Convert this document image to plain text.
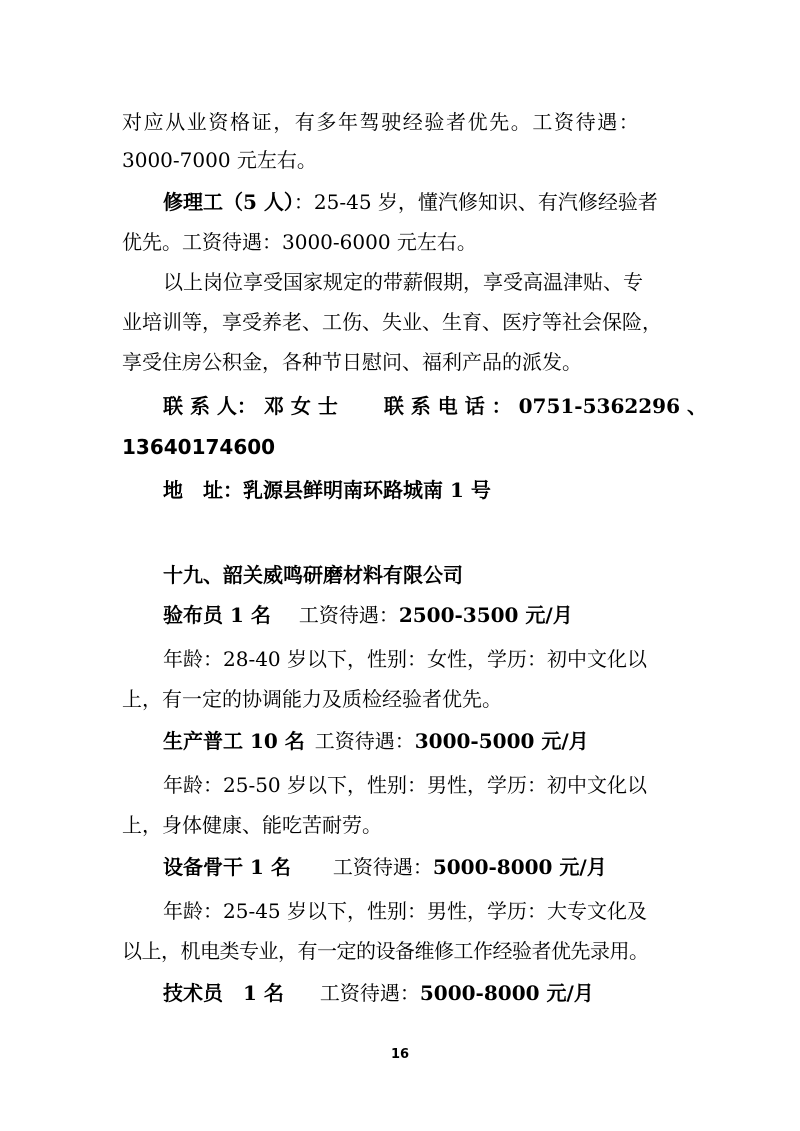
对应从业资格证，有多年驾驶经验者优先。工资待遇：
3000-7000 元左右。
修理工（5 人）：25-45 岁，懂汽修知识、有汽修经验者
优先。工资待遇：3000-6000 元左右。
以上岗位享受国家规定的带薪假期，享受高温津贴、专
业培训等，享受养老、工伤、失业、生育、医疗等社会保险，
享受住房公积金，各种节日慰问、福利产品的派发。
联 系 人： 邓 女 士 联 系 电 话 ： 0751-5362296 、
13640174600
地　址：乳源县鲜明南环路城南 1 号
十九、韶关威鸣研磨材料有限公司
验布员 1 名 工资待遇：2500-3500 元/月
年龄：28-40 岁以下，性别：女性，学历：初中文化以
上，有一定的协调能力及质检经验者优先。
生产普工 10 名 工资待遇：3000-5000 元/月
年龄：25-50 岁以下，性别：男性，学历：初中文化以
上，身体健康、能吃苦耐劳。
设备骨干 1 名 工资待遇：5000-8000 元/月
年龄：25-45 岁以下，性别：男性，学历：大专文化及
以上，机电类专业，有一定的设备维修工作经验者优先录用。
技术员　1 名 工资待遇：5000-8000 元/月
16
